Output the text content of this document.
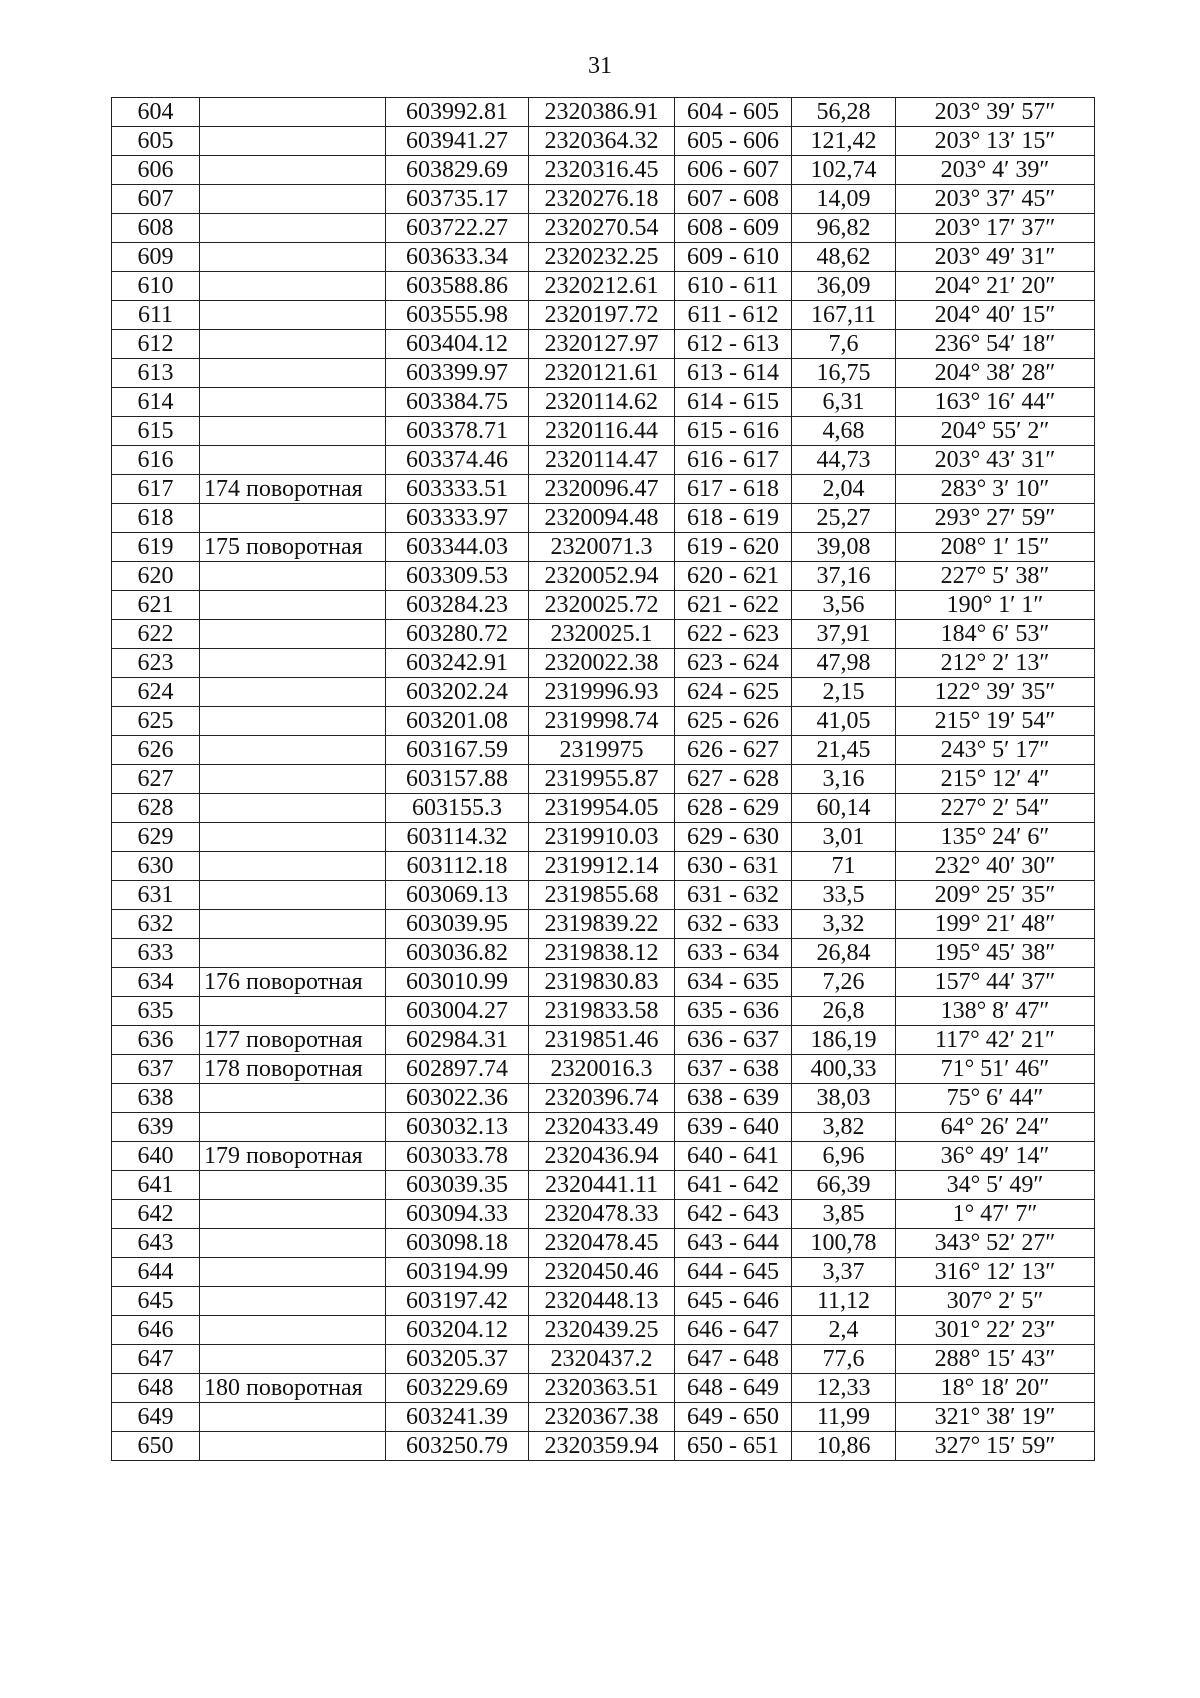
31
604		603992.81	2320386.91	604 - 605	56,28	203° 39′ 57″
605		603941.27	2320364.32	605 - 606	121,42	203° 13′ 15″
606		603829.69	2320316.45	606 - 607	102,74	203° 4′ 39″
607		603735.17	2320276.18	607 - 608	14,09	203° 37′ 45″
608		603722.27	2320270.54	608 - 609	96,82	203° 17′ 37″
609		603633.34	2320232.25	609 - 610	48,62	203° 49′ 31″
610		603588.86	2320212.61	610 - 611	36,09	204° 21′ 20″
611		603555.98	2320197.72	611 - 612	167,11	204° 40′ 15″
612		603404.12	2320127.97	612 - 613	7,6	236° 54′ 18″
613		603399.97	2320121.61	613 - 614	16,75	204° 38′ 28″
614		603384.75	2320114.62	614 - 615	6,31	163° 16′ 44″
615		603378.71	2320116.44	615 - 616	4,68	204° 55′ 2″
616		603374.46	2320114.47	616 - 617	44,73	203° 43′ 31″
617	174 поворотная	603333.51	2320096.47	617 - 618	2,04	283° 3′ 10″
618		603333.97	2320094.48	618 - 619	25,27	293° 27′ 59″
619	175 поворотная	603344.03	2320071.3	619 - 620	39,08	208° 1′ 15″
620		603309.53	2320052.94	620 - 621	37,16	227° 5′ 38″
621		603284.23	2320025.72	621 - 622	3,56	190° 1′ 1″
622		603280.72	2320025.1	622 - 623	37,91	184° 6′ 53″
623		603242.91	2320022.38	623 - 624	47,98	212° 2′ 13″
624		603202.24	2319996.93	624 - 625	2,15	122° 39′ 35″
625		603201.08	2319998.74	625 - 626	41,05	215° 19′ 54″
626		603167.59	2319975	626 - 627	21,45	243° 5′ 17″
627		603157.88	2319955.87	627 - 628	3,16	215° 12′ 4″
628		603155.3	2319954.05	628 - 629	60,14	227° 2′ 54″
629		603114.32	2319910.03	629 - 630	3,01	135° 24′ 6″
630		603112.18	2319912.14	630 - 631	71	232° 40′ 30″
631		603069.13	2319855.68	631 - 632	33,5	209° 25′ 35″
632		603039.95	2319839.22	632 - 633	3,32	199° 21′ 48″
633		603036.82	2319838.12	633 - 634	26,84	195° 45′ 38″
634	176 поворотная	603010.99	2319830.83	634 - 635	7,26	157° 44′ 37″
635		603004.27	2319833.58	635 - 636	26,8	138° 8′ 47″
636	177 поворотная	602984.31	2319851.46	636 - 637	186,19	117° 42′ 21″
637	178 поворотная	602897.74	2320016.3	637 - 638	400,33	71° 51′ 46″
638		603022.36	2320396.74	638 - 639	38,03	75° 6′ 44″
639		603032.13	2320433.49	639 - 640	3,82	64° 26′ 24″
640	179 поворотная	603033.78	2320436.94	640 - 641	6,96	36° 49′ 14″
641		603039.35	2320441.11	641 - 642	66,39	34° 5′ 49″
642		603094.33	2320478.33	642 - 643	3,85	1° 47′ 7″
643		603098.18	2320478.45	643 - 644	100,78	343° 52′ 27″
644		603194.99	2320450.46	644 - 645	3,37	316° 12′ 13″
645		603197.42	2320448.13	645 - 646	11,12	307° 2′ 5″
646		603204.12	2320439.25	646 - 647	2,4	301° 22′ 23″
647		603205.37	2320437.2	647 - 648	77,6	288° 15′ 43″
648	180 поворотная	603229.69	2320363.51	648 - 649	12,33	18° 18′ 20″
649		603241.39	2320367.38	649 - 650	11,99	321° 38′ 19″
650		603250.79	2320359.94	650 - 651	10,86	327° 15′ 59″
